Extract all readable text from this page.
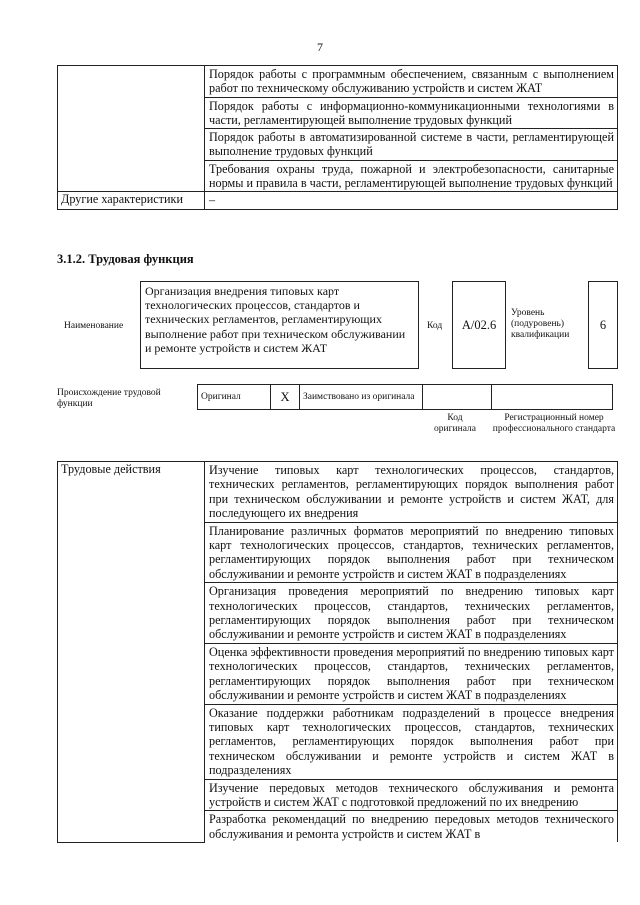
7
	Порядок работы с программным обеспечением, связанным с выполнением работ по техническому обслуживанию устройств и систем ЖАТ
	Порядок работы с информационно-коммуникационными технологиями в части, регламентирующей выполнение трудовых функций
	Порядок работы в автоматизированной системе в части, регламентирующей выполнение трудовых функций
	Требования охраны труда, пожарной и электробезопасности, санитарные нормы и правила в части, регламентирующей выполнение трудовых функций
Другие характеристики	–
3.1.2. Трудовая функция
Наименование
Организация внедрения типовых карт технологических процессов, стандартов и технических регламентов, регламентирующих выполнение работ при техническом обслуживании и ремонте устройств и систем ЖАТ
Код	A/02.6
Уровень (подуровень) квалификации
6
Происхождение трудовой функции
Оригинал	X	Заимствовано из оригинала		
Код оригинала
Регистрационный номер профессионального стандарта
Трудовые действия	Изучение типовых карт технологических процессов, стандартов, технических регламентов, регламентирующих порядок выполнения работ при техническом обслуживании и ремонте устройств и систем ЖАТ, для последующего их внедрения
Планирование различных форматов мероприятий по внедрению типовых карт технологических процессов, стандартов, технических регламентов, регламентирующих порядок выполнения работ при техническом обслуживании и ремонте устройств и систем ЖАТ в подразделениях
Организация проведения мероприятий по внедрению типовых карт технологических процессов, стандартов, технических регламентов, регламентирующих порядок выполнения работ при техническом обслуживании и ремонте устройств и систем ЖАТ в подразделениях
Оценка эффективности проведения мероприятий по внедрению типовых карт технологических процессов, стандартов, технических регламентов, регламентирующих порядок выполнения работ при техническом обслуживании и ремонте устройств и систем ЖАТ в подразделениях
Оказание поддержки работникам подразделений в процессе внедрения типовых карт технологических процессов, стандартов, технических регламентов, регламентирующих порядок выполнения работ при техническом обслуживании и ремонте устройств и систем ЖАТ в подразделениях
Изучение передовых методов технического обслуживания и ремонта устройств и систем ЖАТ с подготовкой предложений по их внедрению
Разработка рекомендаций по внедрению передовых методов технического обслуживания и ремонта устройств и систем ЖАТ в
